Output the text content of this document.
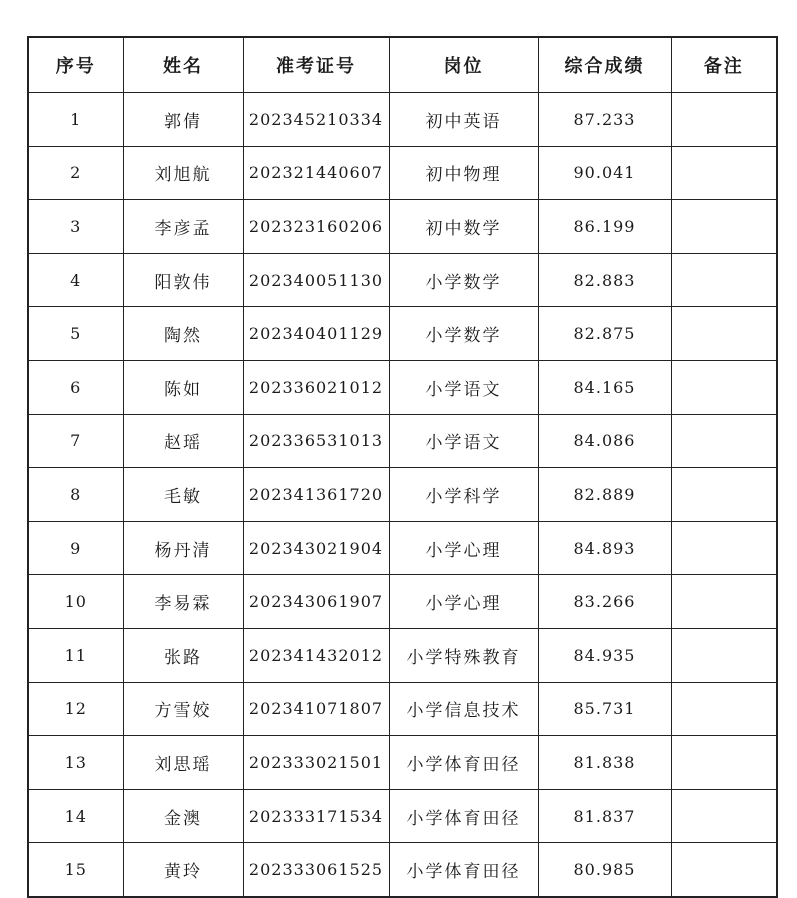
序号	姓名	准考证号	岗位	综合成绩	备注
1	郭倩	202345210334	初中英语	87.233	
2	刘旭航	202321440607	初中物理	90.041	
3	李彦孟	202323160206	初中数学	86.199	
4	阳敦伟	202340051130	小学数学	82.883	
5	陶然	202340401129	小学数学	82.875	
6	陈如	202336021012	小学语文	84.165	
7	赵瑶	202336531013	小学语文	84.086	
8	毛敏	202341361720	小学科学	82.889	
9	杨丹清	202343021904	小学心理	84.893	
10	李易霖	202343061907	小学心理	83.266	
11	张路	202341432012	小学特殊教育	84.935	
12	方雪姣	202341071807	小学信息技术	85.731	
13	刘思瑶	202333021501	小学体育田径	81.838	
14	金澳	202333171534	小学体育田径	81.837	
15	黄玲	202333061525	小学体育田径	80.985	
